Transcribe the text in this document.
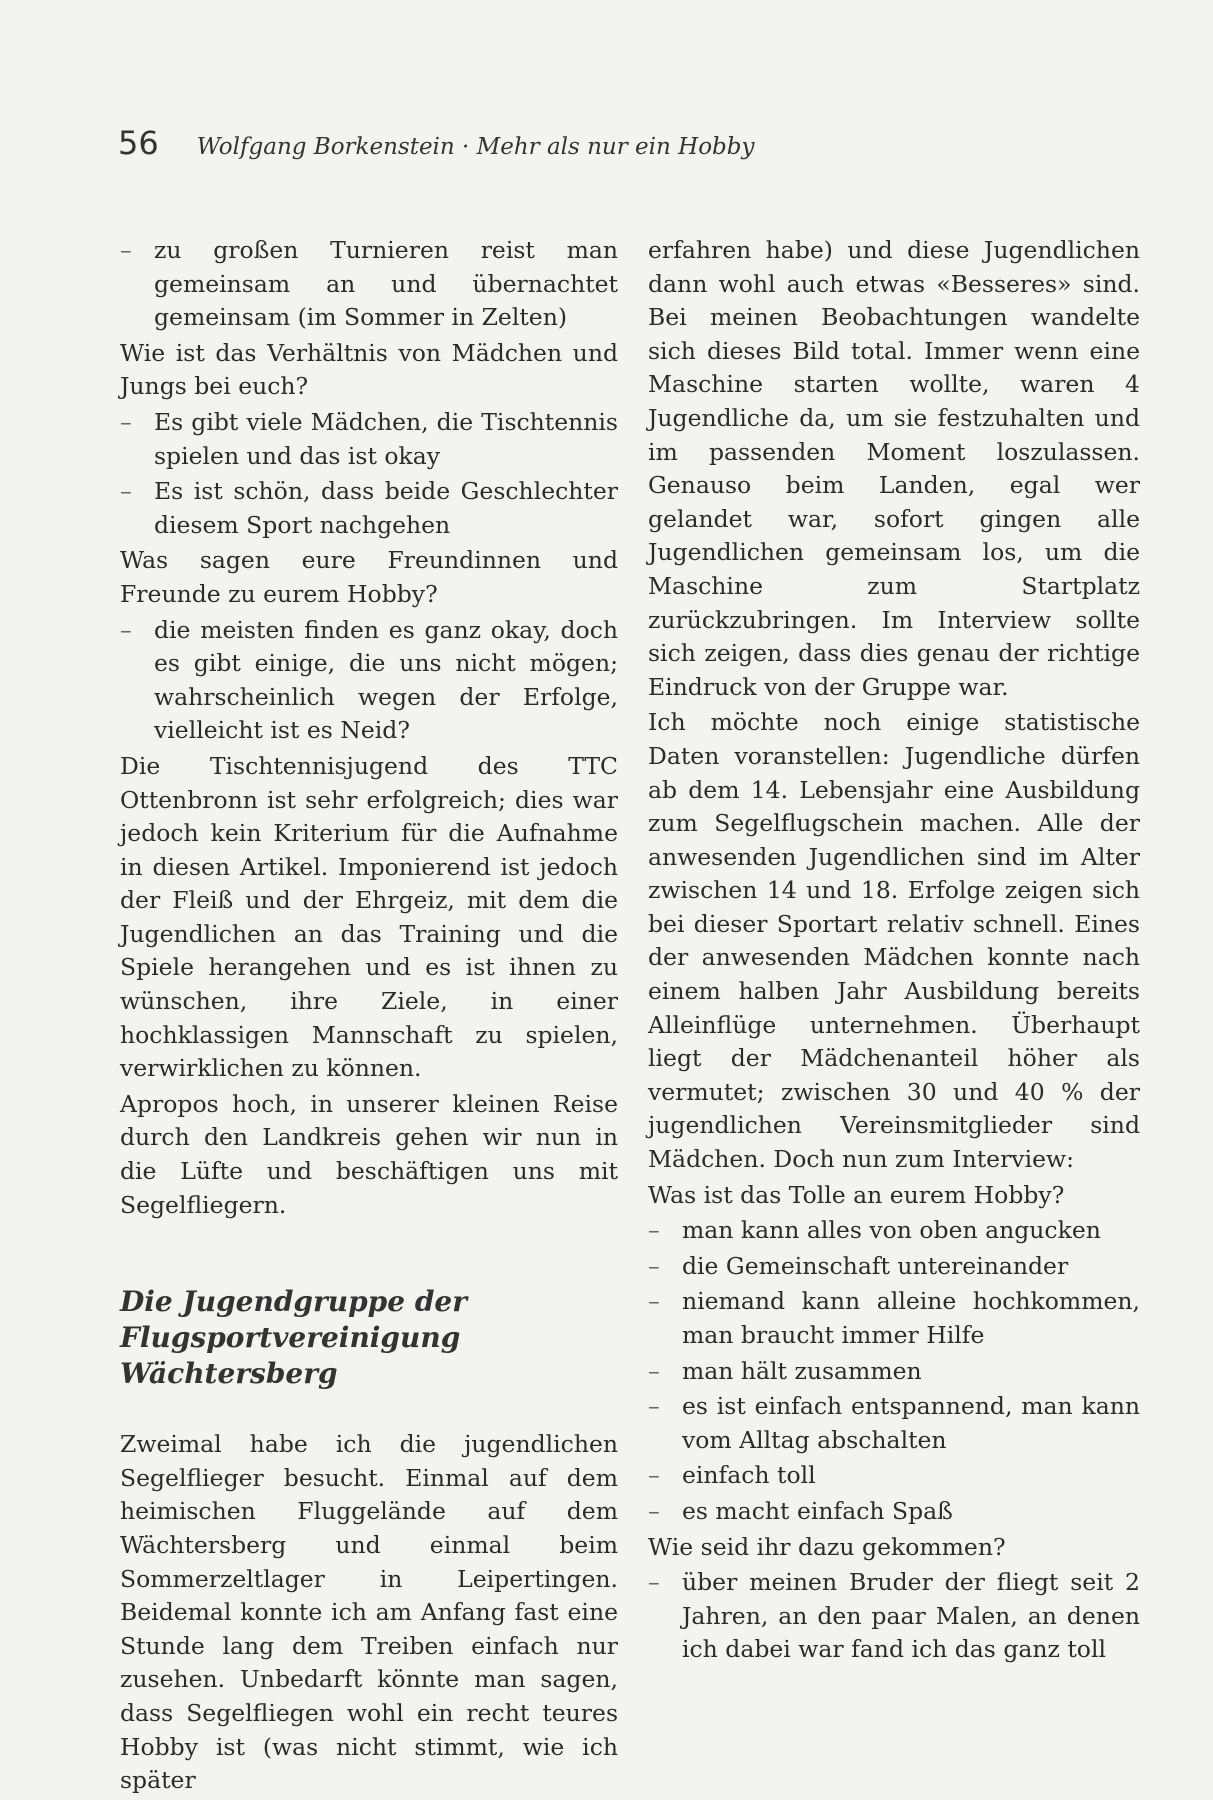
56 Wolfgang Borkenstein · Mehr als nur ein Hobby
– zu großen Turnieren reist man gemeinsam an und übernachtet gemeinsam (im Sommer in Zelten)

Wie ist das Verhältnis von Mädchen und Jungs bei euch?

– Es gibt viele Mädchen, die Tischtennis spielen und das ist okay
– Es ist schön, dass beide Geschlechter diesem Sport nachgehen

Was sagen eure Freundinnen und Freunde zu eurem Hobby?

– die meisten finden es ganz okay, doch es gibt einige, die uns nicht mögen; wahrscheinlich wegen der Erfolge, vielleicht ist es Neid?

Die Tischtennisjugend des TTC Ottenbronn ist sehr erfolgreich; dies war jedoch kein Kriterium für die Aufnahme in diesen Artikel. Imponierend ist jedoch der Fleiß und der Ehrgeiz, mit dem die Jugendlichen an das Training und die Spiele herangehen und es ist ihnen zu wünschen, ihre Ziele, in einer hochklassigen Mannschaft zu spielen, verwirklichen zu können.

Apropos hoch, in unserer kleinen Reise durch den Landkreis gehen wir nun in die Lüfte und beschäftigen uns mit Segelfliegern.

Die Jugendgruppe der Flugsportvereinigung Wächtersberg

Zweimal habe ich die jugendlichen Segelflieger besucht. Einmal auf dem heimischen Fluggelände auf dem Wächtersberg und einmal beim Sommerzeltlager in Leipertingen. Beidemal konnte ich am Anfang fast eine Stunde lang dem Treiben einfach nur zusehen. Unbedarft könnte man sagen, dass Segelfliegen wohl ein recht teures Hobby ist (was nicht stimmt, wie ich später

erfahren habe) und diese Jugendlichen dann wohl auch etwas «Besseres» sind. Bei meinen Beobachtungen wandelte sich dieses Bild total. Immer wenn eine Maschine starten wollte, waren 4 Jugendliche da, um sie festzuhalten und im passenden Moment loszulassen. Genauso beim Landen, egal wer gelandet war, sofort gingen alle Jugendlichen gemeinsam los, um die Maschine zum Startplatz zurückzubringen. Im Interview sollte sich zeigen, dass dies genau der richtige Eindruck von der Gruppe war.

Ich möchte noch einige statistische Daten voranstellen: Jugendliche dürfen ab dem 14. Lebensjahr eine Ausbildung zum Segelflugschein machen. Alle der anwesenden Jugendlichen sind im Alter zwischen 14 und 18. Erfolge zeigen sich bei dieser Sportart relativ schnell. Eines der anwesenden Mädchen konnte nach einem halben Jahr Ausbildung bereits Alleinflüge unternehmen. Überhaupt liegt der Mädchenanteil höher als vermutet; zwischen 30 und 40 % der jugendlichen Vereinsmitglieder sind Mädchen. Doch nun zum Interview:

Was ist das Tolle an eurem Hobby?

– man kann alles von oben angucken
– die Gemeinschaft untereinander
– niemand kann alleine hochkommen, man braucht immer Hilfe
– man hält zusammen
– es ist einfach entspannend, man kann vom Alltag abschalten
– einfach toll
– es macht einfach Spaß

Wie seid ihr dazu gekommen?

– über meinen Bruder der fliegt seit 2 Jahren, an den paar Malen, an denen ich dabei war fand ich das ganz toll
